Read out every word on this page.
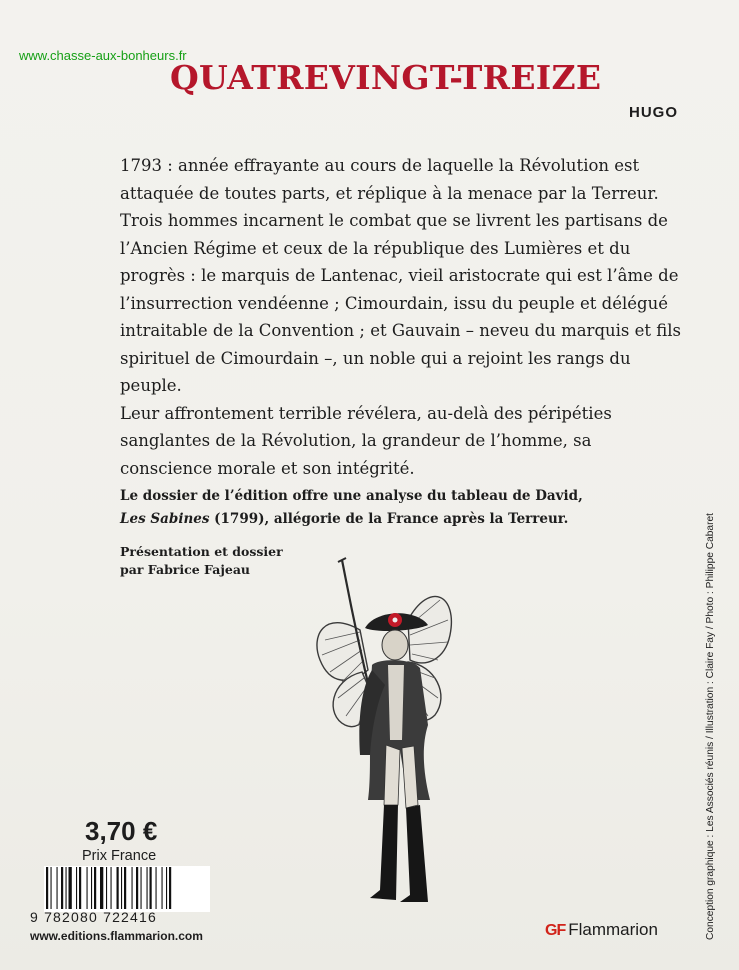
www.chasse-aux-bonheurs.fr
QUATREVINGT-TREIZE
HUGO

1793 : année effrayante au cours de laquelle la Révolution est attaquée de toutes parts, et réplique à la menace par la Terreur. Trois hommes incarnent le combat que se livrent les partisans de l’Ancien Régime et ceux de la république des Lumières et du progrès : le marquis de Lantenac, vieil aristocrate qui est l’âme de l’insurrection vendéenne ; Cimourdain, issu du peuple et délégué intraitable de la Convention ; et Gauvain – neveu du marquis et fils spirituel de Cimourdain –, un noble qui a rejoint les rangs du peuple.

Leur affrontement terrible révélera, au-delà des péripéties sanglantes de la Révolution, la grandeur de l’homme, sa conscience morale et son intégrité.

Le dossier de l’édition offre une analyse du tableau de David,
Les Sabines (1799), allégorie de la France après la Terreur.
Présentation et dossier
par Fabrice Fajeau	Conception graphique : Les Associés réunis / Illustration : Claire Fay / Photo : Philippe Cabaret
3,70 €
Prix France
9 782080 722416
www.editions.flammarion.com	GF Flammarion
